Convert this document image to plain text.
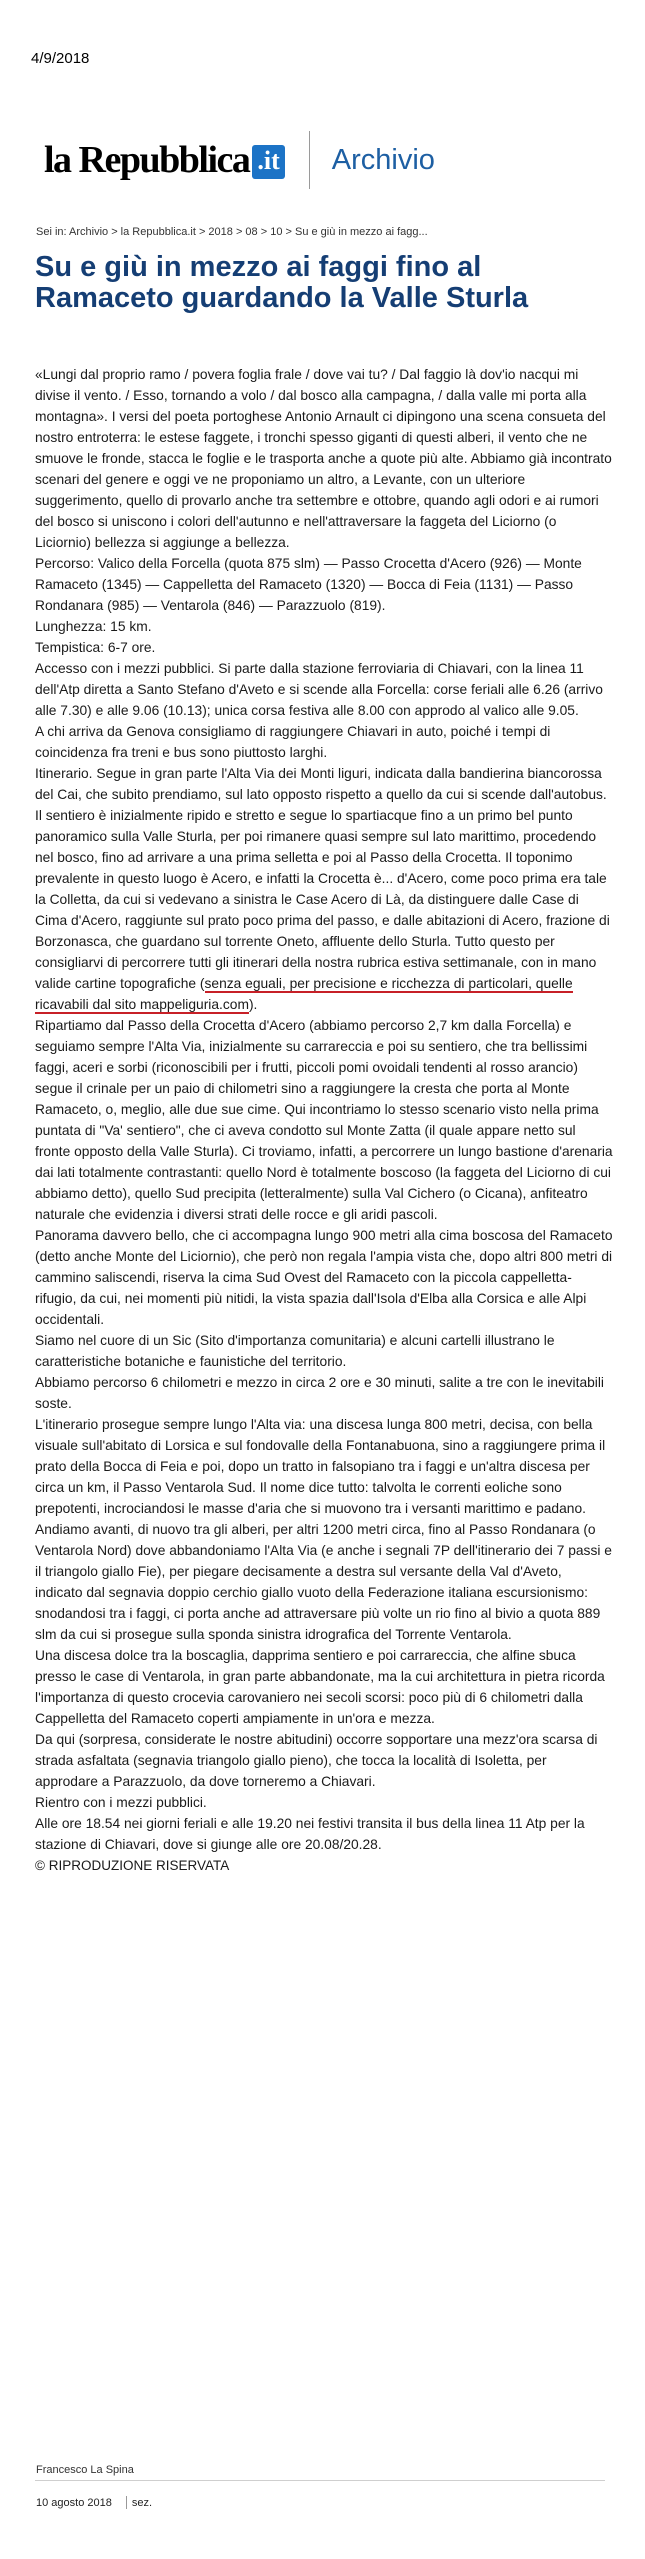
4/9/2018
la Repubblica .it Archivio
Sei in: Archivio > la Repubblica.it > 2018 > 08 > 10 > Su e giù in mezzo ai fagg...
Su e giù in mezzo ai faggi fino al Ramaceto guardando la Valle Sturla

«Lungi dal proprio ramo / povera foglia frale / dove vai tu? / Dal faggio là dov'io nacqui mi divise il vento. / Esso, tornando a volo / dal bosco alla campagna, / dalla valle mi porta alla montagna». I versi del poeta portoghese Antonio Arnault ci dipingono una scena consueta del nostro entroterra: le estese faggete, i tronchi spesso giganti di questi alberi, il vento che ne smuove le fronde, stacca le foglie e le trasporta anche a quote più alte. Abbiamo già incontrato scenari del genere e oggi ve ne proponiamo un altro, a Levante, con un ulteriore suggerimento, quello di provarlo anche tra settembre e ottobre, quando agli odori e ai rumori del bosco si uniscono i colori dell'autunno e nell'attraversare la faggeta del Liciorno (o Liciornio) bellezza si aggiunge a bellezza.

Percorso: Valico della Forcella (quota 875 slm) — Passo Crocetta d'Acero (926) — Monte Ramaceto (1345) — Cappelletta del Ramaceto (1320) — Bocca di Feia (1131) — Passo Rondanara (985) — Ventarola (846) — Parazzuolo (819).

Lunghezza: 15 km.

Tempistica: 6-7 ore.

Accesso con i mezzi pubblici. Si parte dalla stazione ferroviaria di Chiavari, con la linea 11 dell'Atp diretta a Santo Stefano d'Aveto e si scende alla Forcella: corse feriali alle 6.26 (arrivo alle 7.30) e alle 9.06 (10.13); unica corsa festiva alle 8.00 con approdo al valico alle 9.05.

A chi arriva da Genova consigliamo di raggiungere Chiavari in auto, poiché i tempi di coincidenza fra treni e bus sono piuttosto larghi.

Itinerario. Segue in gran parte l'Alta Via dei Monti liguri, indicata dalla bandierina biancorossa del Cai, che subito prendiamo, sul lato opposto rispetto a quello da cui si scende dall'autobus. Il sentiero è inizialmente ripido e stretto e segue lo spartiacque fino a un primo bel punto panoramico sulla Valle Sturla, per poi rimanere quasi sempre sul lato marittimo, procedendo nel bosco, fino ad arrivare a una prima selletta e poi al Passo della Crocetta. Il toponimo prevalente in questo luogo è Acero, e infatti la Crocetta è... d'Acero, come poco prima era tale la Colletta, da cui si vedevano a sinistra le Case Acero di Là, da distinguere dalle Case di Cima d'Acero, raggiunte sul prato poco prima del passo, e dalle abitazioni di Acero, frazione di Borzonasca, che guardano sul torrente Oneto, affluente dello Sturla. Tutto questo per consigliarvi di percorrere tutti gli itinerari della nostra rubrica estiva settimanale, con in mano valide cartine topografiche (senza eguali, per precisione e ricchezza di particolari, quelle ricavabili dal sito mappeliguria.com).

Ripartiamo dal Passo della Crocetta d'Acero (abbiamo percorso 2,7 km dalla Forcella) e seguiamo sempre l'Alta Via, inizialmente su carrareccia e poi su sentiero, che tra bellissimi faggi, aceri e sorbi (riconoscibili per i frutti, piccoli pomi ovoidali tendenti al rosso arancio) segue il crinale per un paio di chilometri sino a raggiungere la cresta che porta al Monte Ramaceto, o, meglio, alle due sue cime. Qui incontriamo lo stesso scenario visto nella prima puntata di "Va' sentiero", che ci aveva condotto sul Monte Zatta (il quale appare netto sul fronte opposto della Valle Sturla). Ci troviamo, infatti, a percorrere un lungo bastione d'arenaria dai lati totalmente contrastanti: quello Nord è totalmente boscoso (la faggeta del Liciorno di cui abbiamo detto), quello Sud precipita (letteralmente) sulla Val Cichero (o Cicana), anfiteatro naturale che evidenzia i diversi strati delle rocce e gli aridi pascoli.

Panorama davvero bello, che ci accompagna lungo 900 metri alla cima boscosa del Ramaceto (detto anche Monte del Liciornio), che però non regala l'ampia vista che, dopo altri 800 metri di cammino saliscendi, riserva la cima Sud Ovest del Ramaceto con la piccola cappelletta-rifugio, da cui, nei momenti più nitidi, la vista spazia dall'Isola d'Elba alla Corsica e alle Alpi occidentali.

Siamo nel cuore di un Sic (Sito d'importanza comunitaria) e alcuni cartelli illustrano le caratteristiche botaniche e faunistiche del territorio.

Abbiamo percorso 6 chilometri e mezzo in circa 2 ore e 30 minuti, salite a tre con le inevitabili soste.

L'itinerario prosegue sempre lungo l'Alta via: una discesa lunga 800 metri, decisa, con bella visuale sull'abitato di Lorsica e sul fondovalle della Fontanabuona, sino a raggiungere prima il prato della Bocca di Feia e poi, dopo un tratto in falsopiano tra i faggi e un'altra discesa per circa un km, il Passo Ventarola Sud. Il nome dice tutto: talvolta le correnti eoliche sono prepotenti, incrociandosi le masse d'aria che si muovono tra i versanti marittimo e padano.

Andiamo avanti, di nuovo tra gli alberi, per altri 1200 metri circa, fino al Passo Rondanara (o Ventarola Nord) dove abbandoniamo l'Alta Via (e anche i segnali 7P dell'itinerario dei 7 passi e il triangolo giallo Fie), per piegare decisamente a destra sul versante della Val d'Aveto, indicato dal segnavia doppio cerchio giallo vuoto della Federazione italiana escursionismo: snodandosi tra i faggi, ci porta anche ad attraversare più volte un rio fino al bivio a quota 889 slm da cui si prosegue sulla sponda sinistra idrografica del Torrente Ventarola.

Una discesa dolce tra la boscaglia, dapprima sentiero e poi carrareccia, che alfine sbuca presso le case di Ventarola, in gran parte abbandonate, ma la cui architettura in pietra ricorda l'importanza di questo crocevia carovaniero nei secoli scorsi: poco più di 6 chilometri dalla Cappelletta del Ramaceto coperti ampiamente in un'ora e mezza.

Da qui (sorpresa, considerate le nostre abitudini) occorre sopportare una mezz'ora scarsa di strada asfaltata (segnavia triangolo giallo pieno), che tocca la località di Isoletta, per approdare a Parazzuolo, da dove torneremo a Chiavari.

Rientro con i mezzi pubblici.

Alle ore 18.54 nei giorni feriali e alle 19.20 nei festivi transita il bus della linea 11 Atp per la stazione di Chiavari, dove si giunge alle ore 20.08/20.28.

© RIPRODUZIONE RISERVATA

Francesco La Spina
10 agosto 2018 sez.
